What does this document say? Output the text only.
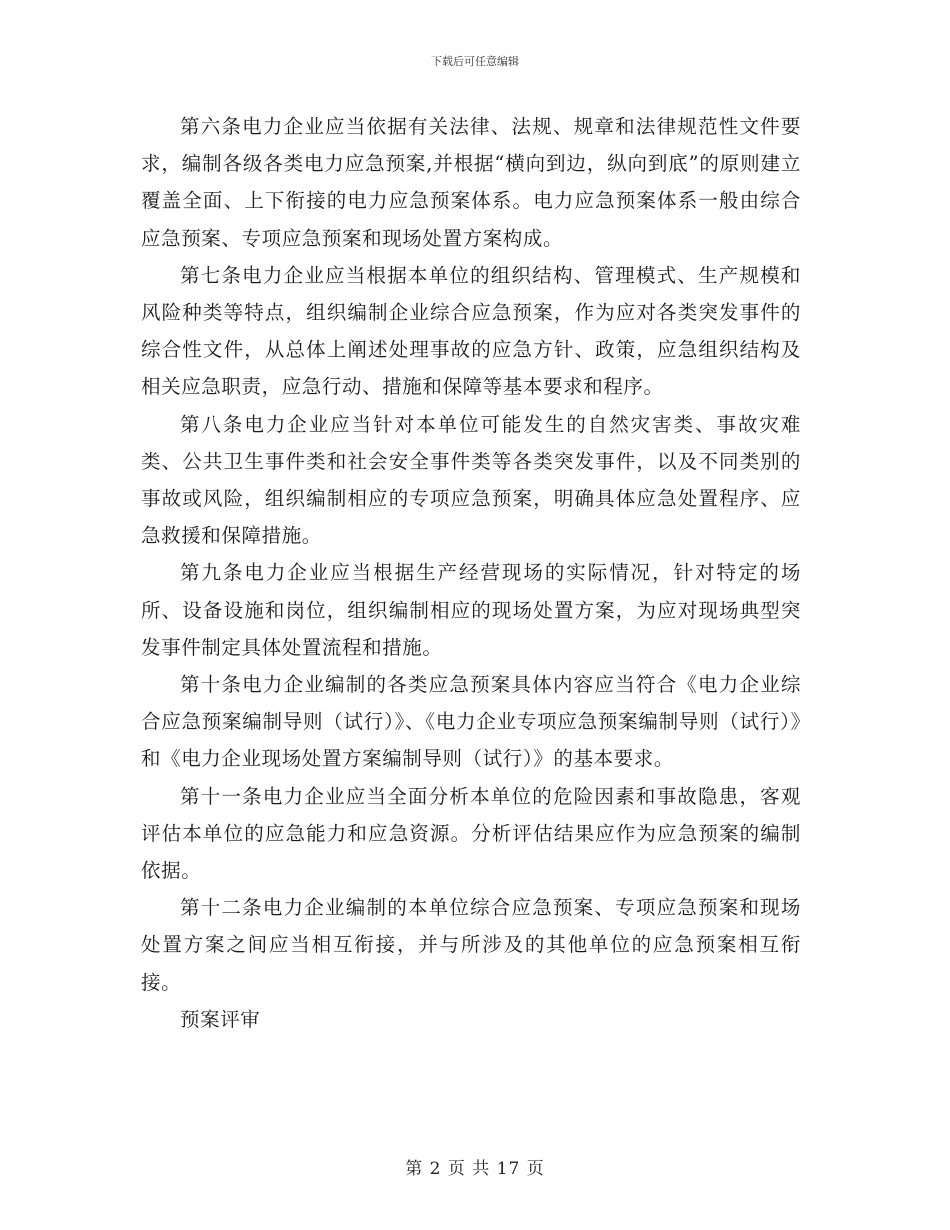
下载后可任意编辑

第六条电力企业应当依据有关法律、法规、规章和法律规范性文件要求，编制各级各类电力应急预案,并根据“横向到边，纵向到底”的原则建立覆盖全面、上下衔接的电力应急预案体系。电力应急预案体系一般由综合应急预案、专项应急预案和现场处置方案构成。

第七条电力企业应当根据本单位的组织结构、管理模式、生产规模和风险种类等特点，组织编制企业综合应急预案，作为应对各类突发事件的综合性文件，从总体上阐述处理事故的应急方针、政策，应急组织结构及相关应急职责，应急行动、措施和保障等基本要求和程序。

第八条电力企业应当针对本单位可能发生的自然灾害类、事故灾难类、公共卫生事件类和社会安全事件类等各类突发事件，以及不同类别的事故或风险，组织编制相应的专项应急预案，明确具体应急处置程序、应急救援和保障措施。

第九条电力企业应当根据生产经营现场的实际情况，针对特定的场所、设备设施和岗位，组织编制相应的现场处置方案，为应对现场典型突发事件制定具体处置流程和措施。

第十条电力企业编制的各类应急预案具体内容应当符合《电力企业综合应急预案编制导则（试行）》、《电力企业专项应急预案编制导则（试行）》和《电力企业现场处置方案编制导则（试行）》的基本要求。

第十一条电力企业应当全面分析本单位的危险因素和事故隐患，客观评估本单位的应急能力和应急资源。分析评估结果应作为应急预案的编制依据。

第十二条电力企业编制的本单位综合应急预案、专项应急预案和现场处置方案之间应当相互衔接，并与所涉及的其他单位的应急预案相互衔接。

预案评审

第 2 页 共 17 页
